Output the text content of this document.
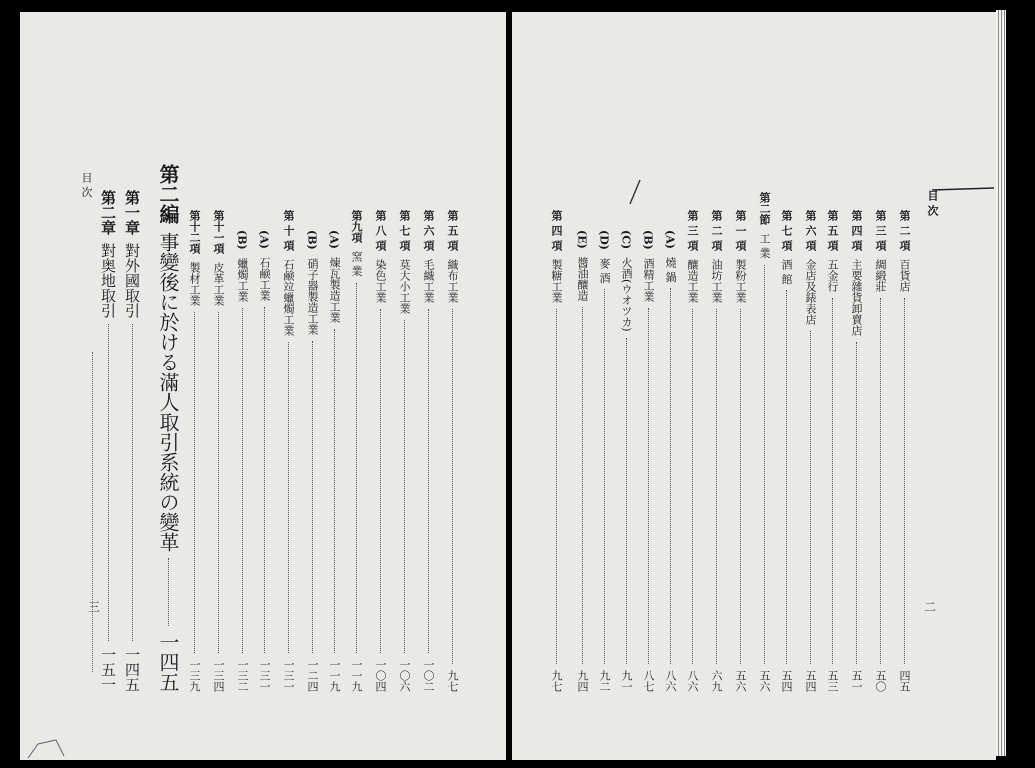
第 五 項
織布工業
九七
第 六 項
毛織工業
一〇二
第 七 項
莫大小工業
一〇六
第 八 項
染色工業
一〇四
第九項
窯 業
一一九
(A)
煉瓦製造工業
一一九
(B)
硝子器製造工業
一二四
第 十 項
石鹸竝蠟燭工業
一三一
(A)
石鹸工業
一三一
(B)
蠟燭工業
一三二
第十一項
皮革工業
一三四
第十二項
製材工業
一三九
第二編
事變後に於ける滿人取引系統の變革
一四五
第一章
對外國取引
一四五
第二章
對奥地取引
一五一
目 次
三
第 二 項
百貨店
四五
第 三 項
綢緞莊
五〇
第 四 項
主要雜貨卸賣店
五一
第 五 項
五金行
五三
第 六 項
金店及錶表店
五四
第 七 項
酒 館
五四
第二節
工 業
五六
第 一 項
製粉工業
五六
第 二 項
油坊工業
六九
第 三 項
釀造工業
八六
(A)
燒 鍋
八六
(B)
酒精工業
八七
(C)
火酒(ウオツカ)
九一
(D)
麥 酒
九二
(E)
醬油釀造
九四
第 四 項
製糖工業
九七
目 次
二
